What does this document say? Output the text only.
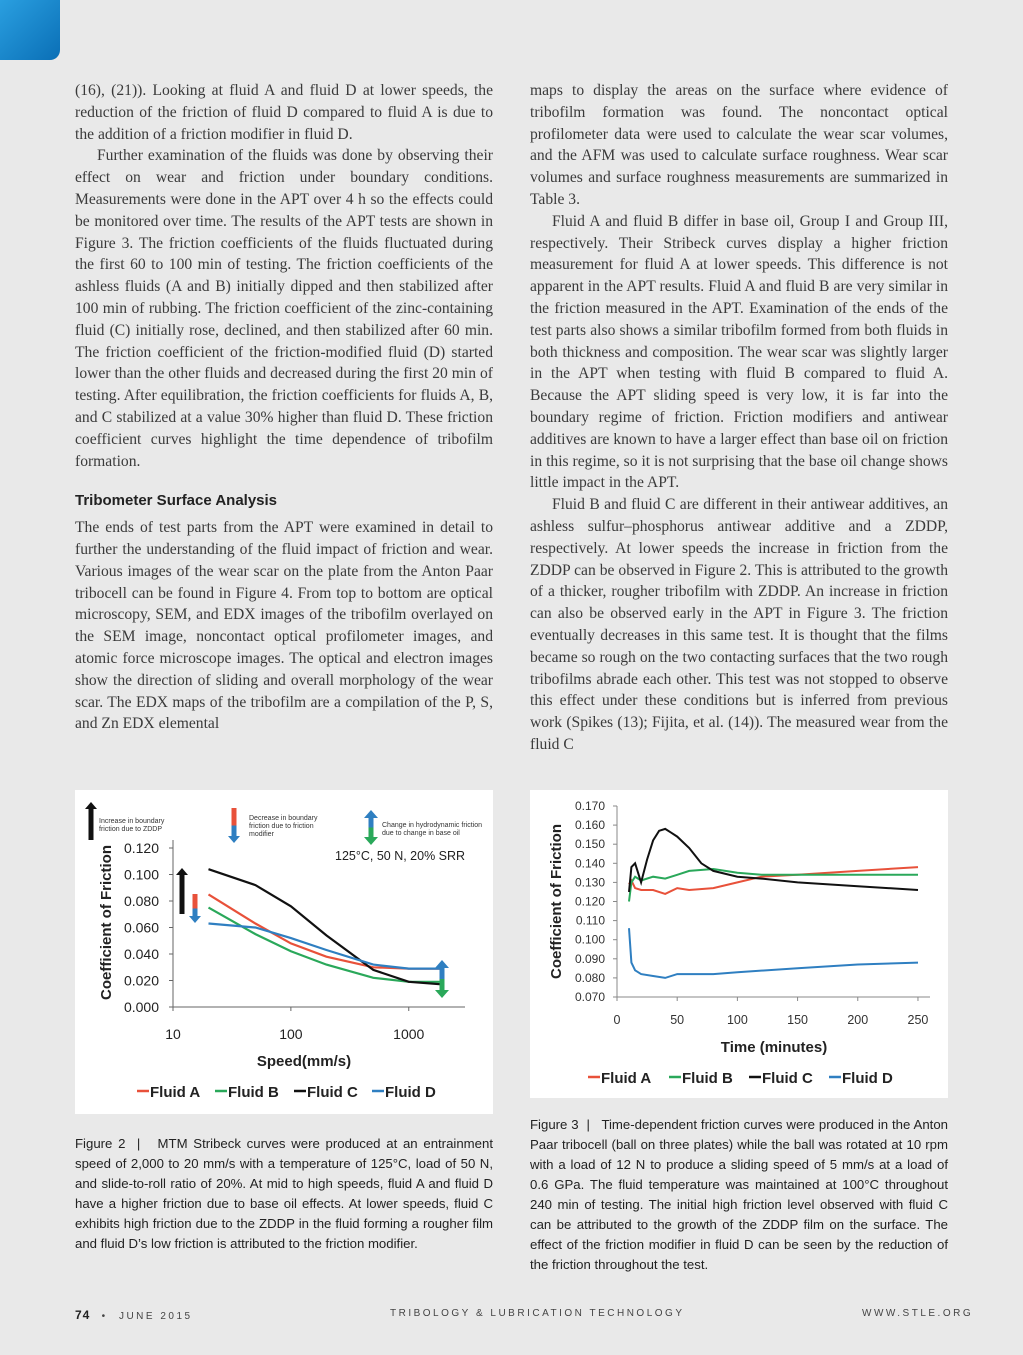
(16), (21)). Looking at fluid A and fluid D at lower speeds, the reduction of the friction of fluid D compared to fluid A is due to the addition of a friction modifier in fluid D.

Further examination of the fluids was done by observing their effect on wear and friction under boundary conditions. Measurements were done in the APT over 4 h so the effects could be monitored over time. The results of the APT tests are shown in Figure 3. The friction coefficients of the fluids fluctuated during the first 60 to 100 min of testing. The friction coefficients of the ashless fluids (A and B) initially dipped and then stabilized after 100 min of rubbing. The friction coefficient of the zinc-containing fluid (C) initially rose, declined, and then stabilized after 60 min. The friction coefficient of the friction-modified fluid (D) started lower than the other fluids and decreased during the first 20 min of testing. After equilibration, the friction coefficients for fluids A, B, and C stabilized at a value 30% higher than fluid D. These friction coefficient curves highlight the time dependence of tribofilm formation.

Tribometer Surface Analysis

The ends of test parts from the APT were examined in detail to further the understanding of the fluid impact of friction and wear. Various images of the wear scar on the plate from the Anton Paar tribocell can be found in Figure 4. From top to bottom are optical microscopy, SEM, and EDX images of the tribofilm overlayed on the SEM image, noncontact optical profilometer images, and atomic force microscope images. The optical and electron images show the direction of sliding and overall morphology of the wear scar. The EDX maps of the tribofilm are a compilation of the P, S, and Zn EDX elemental

maps to display the areas on the surface where evidence of tribofilm formation was found. The noncontact optical profilometer data were used to calculate the wear scar volumes, and the AFM was used to calculate surface roughness. Wear scar volumes and surface roughness measurements are summarized in Table 3.

Fluid A and fluid B differ in base oil, Group I and Group III, respectively. Their Stribeck curves display a higher friction measurement for fluid A at lower speeds. This difference is not apparent in the APT results. Fluid A and fluid B are very similar in the friction measured in the APT. Examination of the ends of the test parts also shows a similar tribofilm formed from both fluids in both thickness and composition. The wear scar was slightly larger in the APT when testing with fluid B compared to fluid A. Because the APT sliding speed is very low, it is far into the boundary regime of friction. Friction modifiers and antiwear additives are known to have a larger effect than base oil on friction in this regime, so it is not surprising that the base oil change shows little impact in the APT.

Fluid B and fluid C are different in their antiwear additives, an ashless sulfur–phosphorus antiwear additive and a ZDDP, respectively. At lower speeds the increase in friction from the ZDDP can be observed in Figure 2. This is attributed to the growth of a thicker, rougher tribofilm with ZDDP. An increase in friction can also be observed early in the APT in Figure 3. The friction eventually decreases in this same test. It is thought that the films became so rough on the two contacting surfaces that the two rough tribofilms abrade each other. This test was not stopped to observe this effect under these conditions but is inferred from previous work (Spikes (13); Fijita, et al. (14)). The measured wear from the fluid C

0.000
0.020
0.040
0.060
0.080
0.100
0.120
10	100	1000
Speed(mm/s)
Coefficient of Friction	125°C, 50 N, 20% SRR
Fluid A Fluid B Fluid C Fluid D
Increase in boundary friction due to ZDDP
Decrease in boundary friction due to friction modifier
Change in hydrodynamic friction due to change in base oil
Figure 2  |   MTM Stribeck curves were produced at an entrainment speed of 2,000 to 20 mm/s with a temperature of 125°C, load of 50 N, and slide-to-roll ratio of 20%. At mid to high speeds, fluid A and fluid D have a higher friction due to base oil effects. At lower speeds, fluid C exhibits high friction due to the ZDDP in the fluid forming a rougher film and fluid D’s low friction is attributed to the friction modifier.
0.070
0.080
0.090
0.100
0.110
0.120
0.130
0.140
0.150
0.160
0.170
0	50	100	150	200	250
Time (minutes)
Coefficient of Friction
Fluid A Fluid B Fluid C Fluid D
Figure 3  |   Time-dependent friction curves were produced in the Anton Paar tribocell (ball on three plates) while the ball was rotated at 10 rpm with a load of 12 N to produce a sliding speed of 5 mm/s at a load of 0.6 GPa. The fluid temperature was maintained at 100°C throughout 240 min of testing. The initial high friction level observed with fluid C can be attributed to the growth of the ZDDP film on the surface. The effect of the friction modifier in fluid D can be seen by the reduction of the friction throughout the test.
74 • JUNE 2015	TRIBOLOGY & LUBRICATION TECHNOLOGY	WWW.STLE.ORG
